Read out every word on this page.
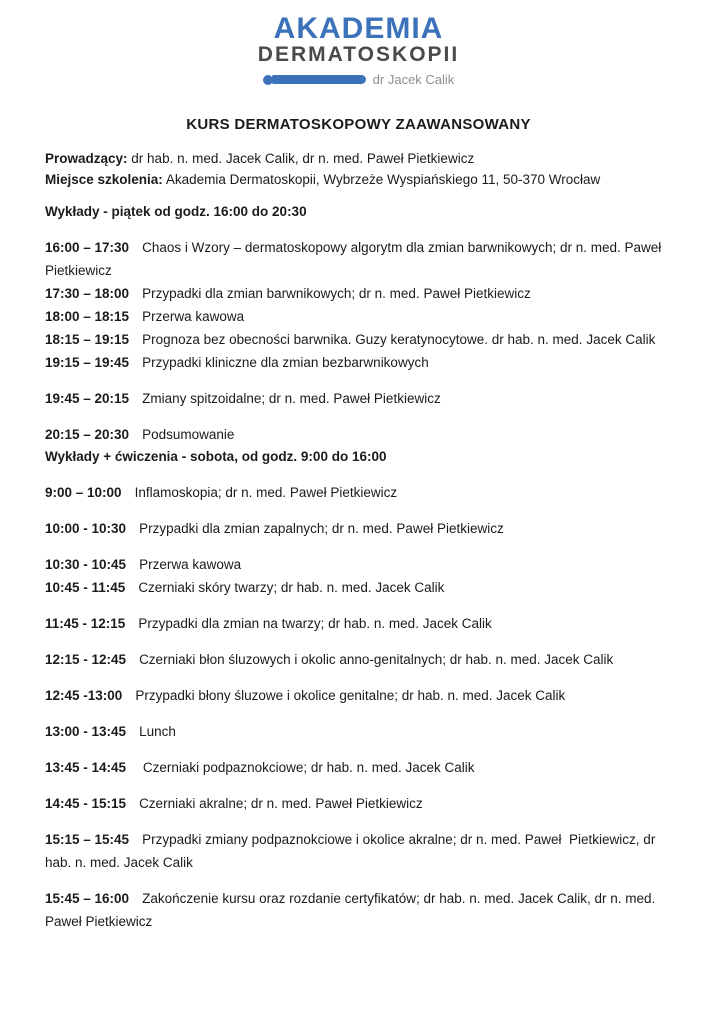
AKADEMIA
DERMATOSKOPII
dr Jacek Calik
KURS DERMATOSKOPOWY ZAAWANSOWANY

Prowadzący: dr hab. n. med. Jacek Calik, dr n. med. Paweł Pietkiewicz

Miejsce szkolenia: Akademia Dermatoskopii, Wybrzeże Wyspiańskiego 11, 50-370 Wrocław

Wykłady - piątek od godz. 16:00 do 20:30

16:00 – 17:30 Chaos i Wzory – dermatoskopowy algorytm dla zmian barwnikowych; dr n. med. Paweł Pietkiewicz

17:30 – 18:00 Przypadki dla zmian barwnikowych; dr n. med. Paweł Pietkiewicz

18:00 – 18:15 Przerwa kawowa

18:15 – 19:15 Prognoza bez obecności barwnika. Guzy keratynocytowe. dr hab. n. med. Jacek Calik

19:15 – 19:45 Przypadki kliniczne dla zmian bezbarwnikowych

19:45 – 20:15 Zmiany spitzoidalne; dr n. med. Paweł Pietkiewicz

20:15 – 20:30 Podsumowanie

Wykłady + ćwiczenia - sobota, od godz. 9:00 do 16:00

9:00 – 10:00 Inflamoskopia; dr n. med. Paweł Pietkiewicz

10:00 - 10:30 Przypadki dla zmian zapalnych; dr n. med. Paweł Pietkiewicz

10:30 - 10:45 Przerwa kawowa

10:45 - 11:45 Czerniaki skóry twarzy; dr hab. n. med. Jacek Calik

11:45 - 12:15 Przypadki dla zmian na twarzy; dr hab. n. med. Jacek Calik

12:15 - 12:45 Czerniaki błon śluzowych i okolic anno-genitalnych; dr hab. n. med. Jacek Calik

12:45 -13:00 Przypadki błony śluzowe i okolice genitalne; dr hab. n. med. Jacek Calik

13:00 - 13:45 Lunch

13:45 - 14:45 Czerniaki podpaznokciowe; dr hab. n. med. Jacek Calik

14:45 - 15:15 Czerniaki akralne; dr n. med. Paweł Pietkiewicz

15:15 – 15:45 Przypadki zmiany podpaznokciowe i okolice akralne; dr n. med. Paweł  Pietkiewicz, dr hab. n. med. Jacek Calik

15:45 – 16:00 Zakończenie kursu oraz rozdanie certyfikatów; dr hab. n. med. Jacek Calik, dr n. med. Paweł Pietkiewicz
